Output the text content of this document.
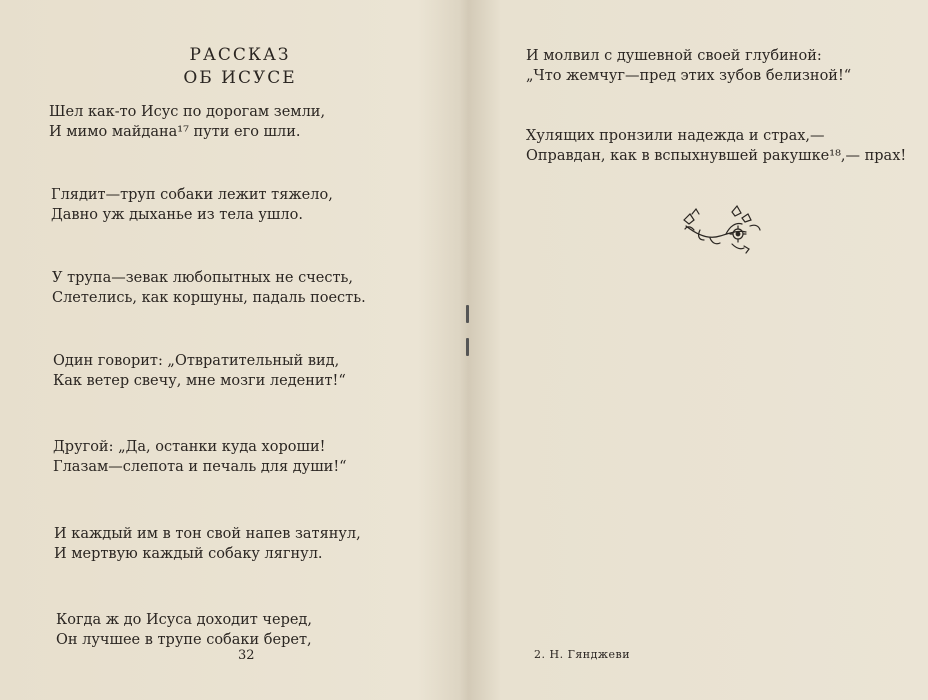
РАССКАЗ
ОБ ИСУСЕ
Шел как-то Исус по дорогам земли,
И мимо майдана¹⁷ пути его шли.
Глядит—труп собаки лежит тяжело,
Давно уж дыханье из тела ушло.
У трупа—зевак любопытных не счесть,
Слетелись, как коршуны, падаль поесть.
Один говорит: „Отвратительный вид,
Как ветер свечу, мне мозги леденит!“
Другой: „Да, останки куда хороши!
Глазам—слепота и печаль для души!“
И каждый им в тон свой напев затянул,
И мертвую каждый собаку лягнул.
Когда ж до Исуса доходит черед,
Он лучшее в трупе собаки берет,
32
И молвил с душевной своей глубиной:
„Что жемчуг—пред этих зубов белизной!“
Хулящих пронзили надежда и страх,—
Оправдан, как в вспыхнувшей ракушке¹⁸,— прах!
2. Н. Гянджеви
